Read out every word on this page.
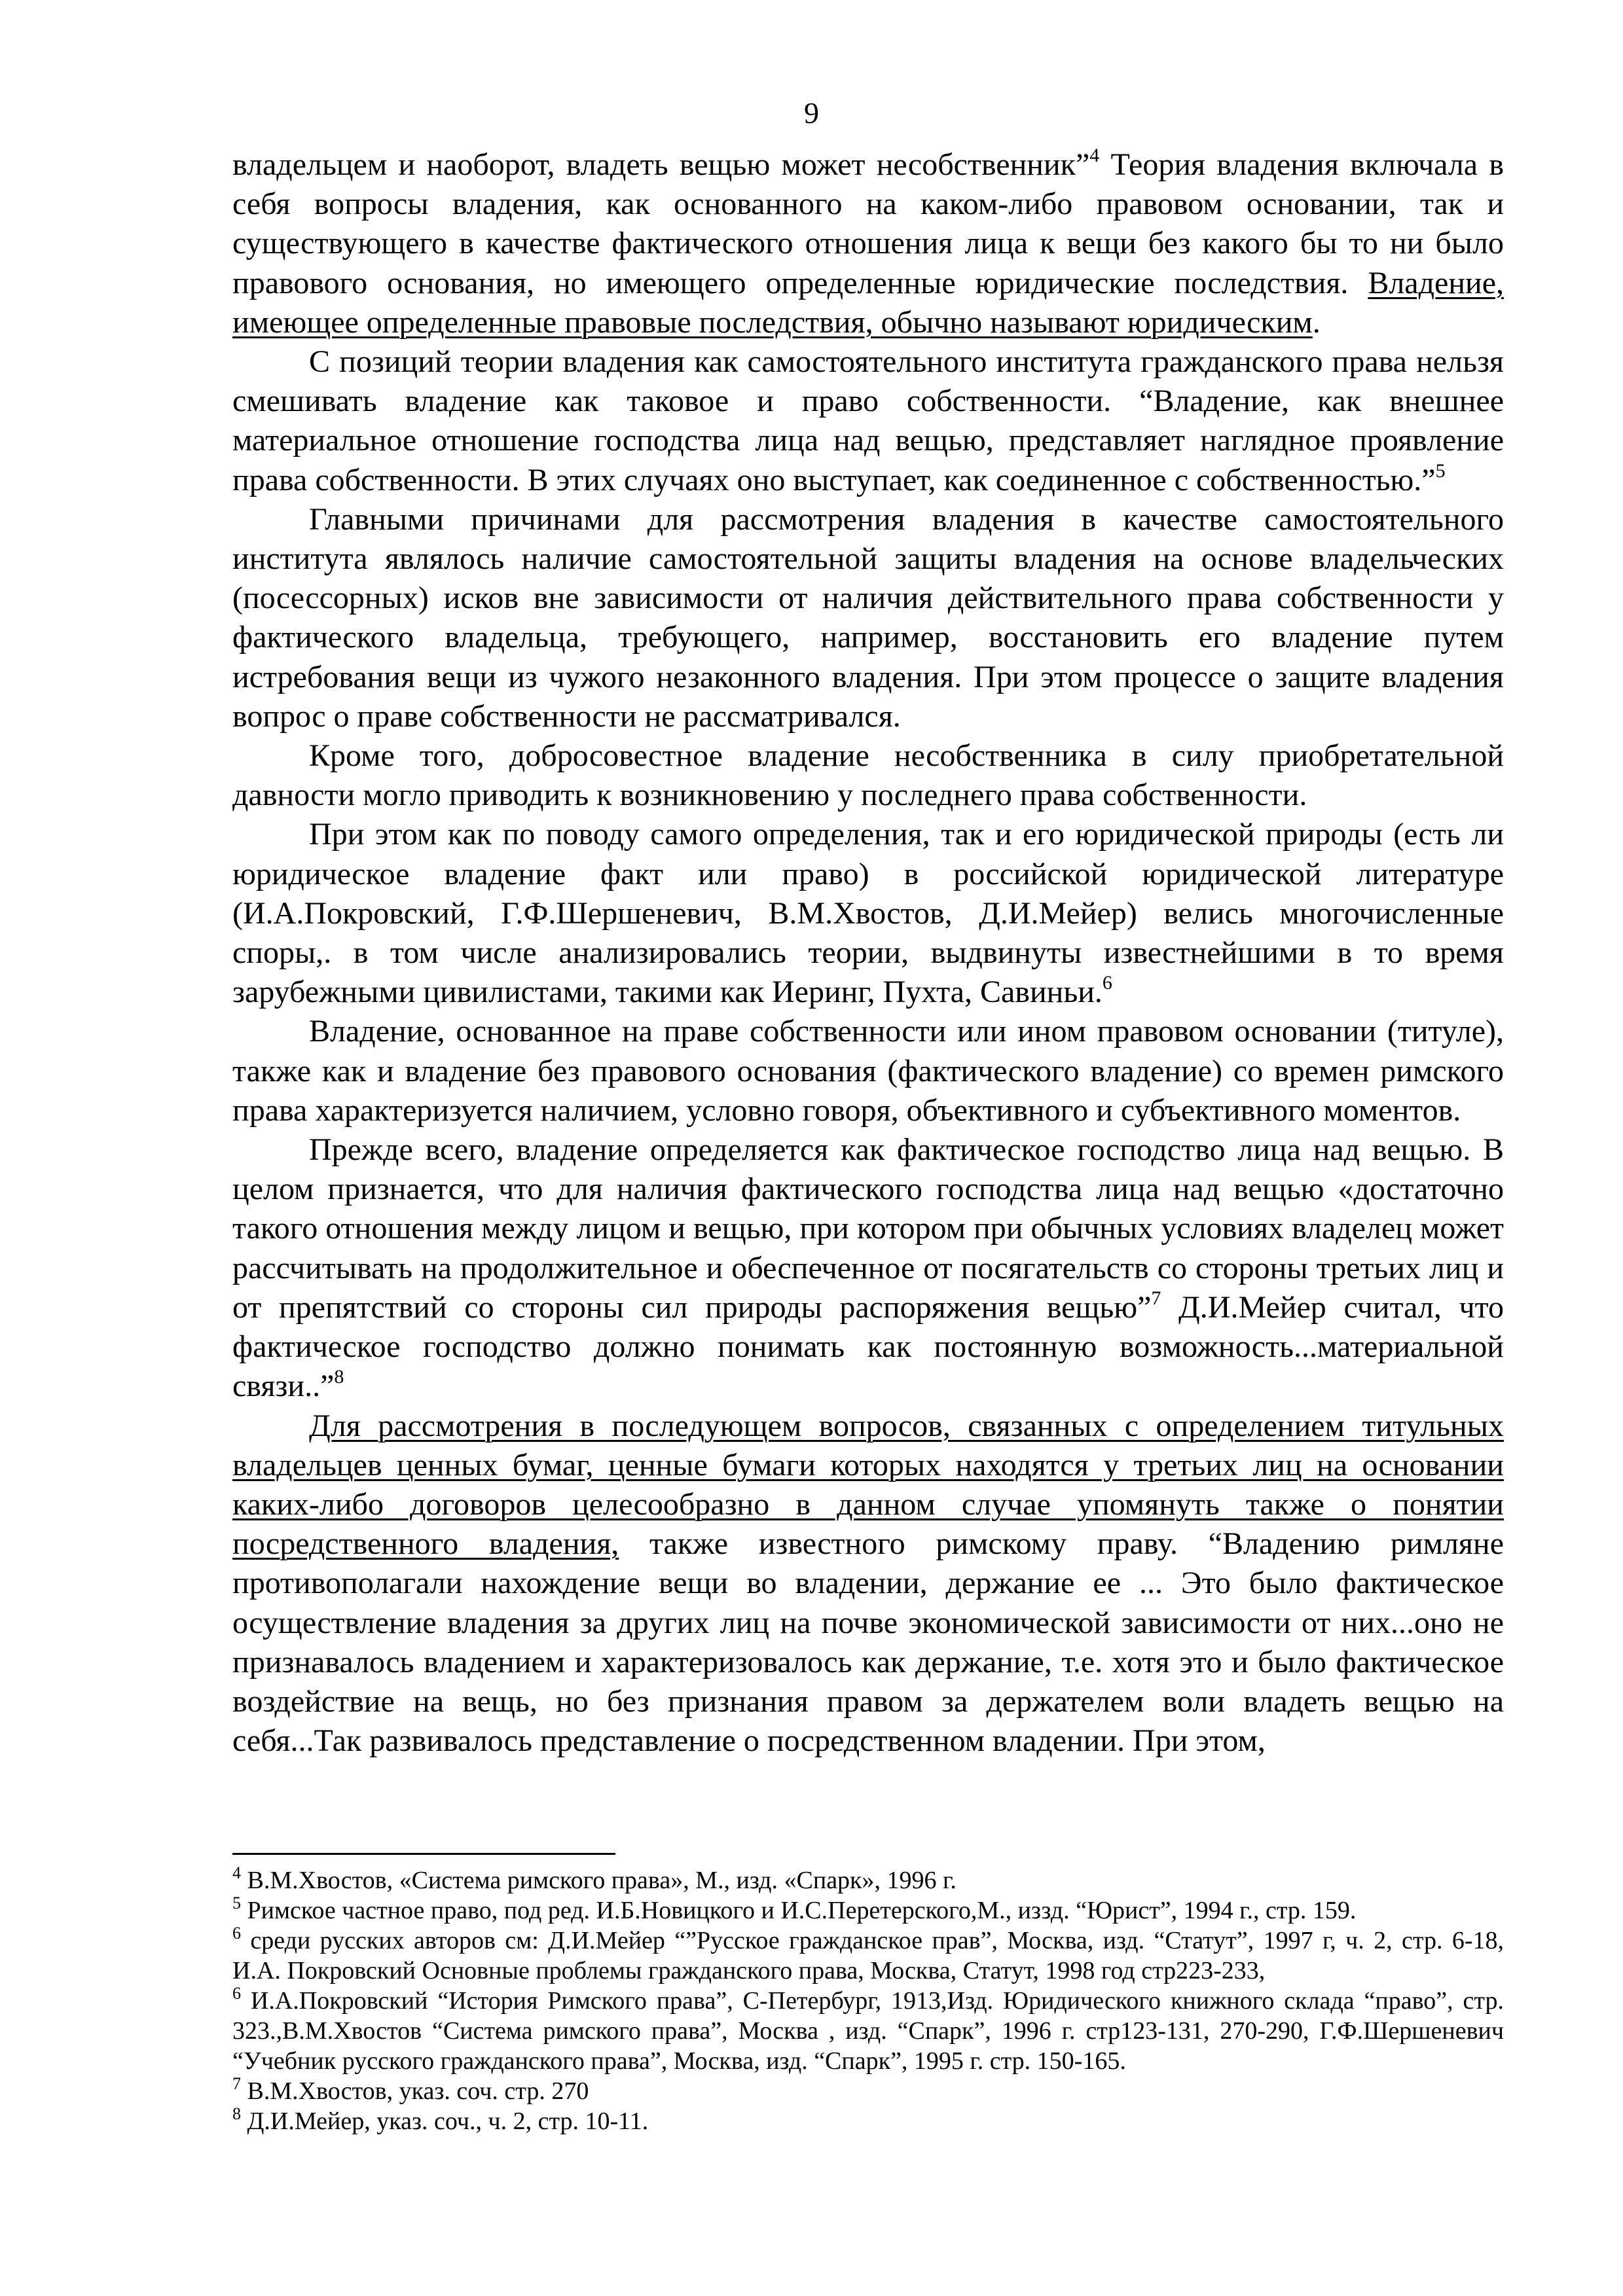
9

владельцем и наоборот, владеть вещью может несобственник”$^4$ Теория владения включала в себя вопросы владения, как основанного на каком-либо правовом основании, так и существующего в качестве фактического отношения лица к вещи без какого бы то ни было правового основания, но имеющего определенные юридические последствия. Владение, имеющее определенные правовые последствия, обычно называют юридическим.

С позиций теории владения как самостоятельного института гражданского права нельзя смешивать владение как таковое и право собственности. “Владение, как внешнее материальное отношение господства лица над вещью, представляет наглядное проявление права собственности. В этих случаях оно выступает, как соединенное с собственностью.”$^5$

Главными причинами для рассмотрения владения в качестве самостоятельного института являлось наличие самостоятельной защиты владения на основе владельческих (посессорных) исков вне зависимости от наличия действительного права собственности у фактического владельца, требующего, например, восстановить его владение путем истребования вещи из чужого незаконного владения. При этом процессе о защите владения вопрос о праве собственности не рассматривался.

Кроме того, добросовестное владение несобственника в силу приобретательной давности могло приводить к возникновению у последнего права собственности.

При этом как по поводу самого определения, так и его юридической природы (есть ли юридическое владение факт или право) в российской юридической литературе (И.А.Покровский, Г.Ф.Шершеневич, В.М.Хвостов, Д.И.Мейер) велись многочисленные споры,. в том числе анализировались теории, выдвинуты известнейшими в то время зарубежными цивилистами, такими как Иеринг, Пухта, Савиньи.$^6$

Владение, основанное на праве собственности или ином правовом основании (титуле), также как и владение без правового основания (фактического владение) со времен римского права характеризуется наличием, условно говоря, объективного и субъективного моментов.

Прежде всего, владение определяется как фактическое господство лица над вещью. В целом признается, что для наличия фактического господства лица над вещью «достаточно такого отношения между лицом и вещью, при котором при обычных условиях владелец может рассчитывать на продолжительное и обеспеченное от посягательств со стороны третьих лиц и от препятствий со стороны сил природы распоряжения вещью”$^7$ Д.И.Мейер считал, что фактическое господство должно понимать как постоянную возможность...материальной связи..”$^8$

Для рассмотрения в последующем вопросов, связанных с определением титульных владельцев ценных бумаг, ценные бумаги которых находятся у третьих лиц на основании каких-либо договоров целесообразно в данном случае упомянуть также о понятии посредственного владения, также известного римскому праву. “Владению римляне противополагали нахождение вещи во владении, держание ее ... Это было фактическое осуществление владения за других лиц на почве экономической зависимости от них...оно не признавалось владением и характеризовалось как держание, т.е. хотя это и было фактическое воздействие на вещь, но без признания правом за держателем воли владеть вещью на себя...Так развивалось представление о посредственном владении. При этом,

$^4$ В.М.Хвостов, «Система римского права», М., изд. «Спарк», 1996 г.

$^5$ Римское частное право, под ред. И.Б.Новицкого и И.С.Перетерского,М., иззд. “Юрист”, 1994 г., стр. 159.

$^6$ среди русских авторов см: Д.И.Мейер “”Русское гражданское прав”, Москва, изд. “Статут”, 1997 г, ч. 2, стр. 6-18, И.А. Покровский Основные проблемы гражданского права, Москва, Статут, 1998 год стр223-233,

$^6$ И.А.Покровский “История Римского права”, С-Петербург, 1913,Изд. Юридического книжного склада “право”, стр. 323.,В.М.Хвостов “Система римского права”, Москва , изд. “Спарк”, 1996 г. стр123-131, 270-290, Г.Ф.Шершеневич “Учебник русского гражданского права”, Москва, изд. “Спарк”, 1995 г. стр. 150-165.

$^7$ В.М.Хвостов, указ. соч. стр. 270

$^8$ Д.И.Мейер, указ. соч., ч. 2, стр. 10-11.
